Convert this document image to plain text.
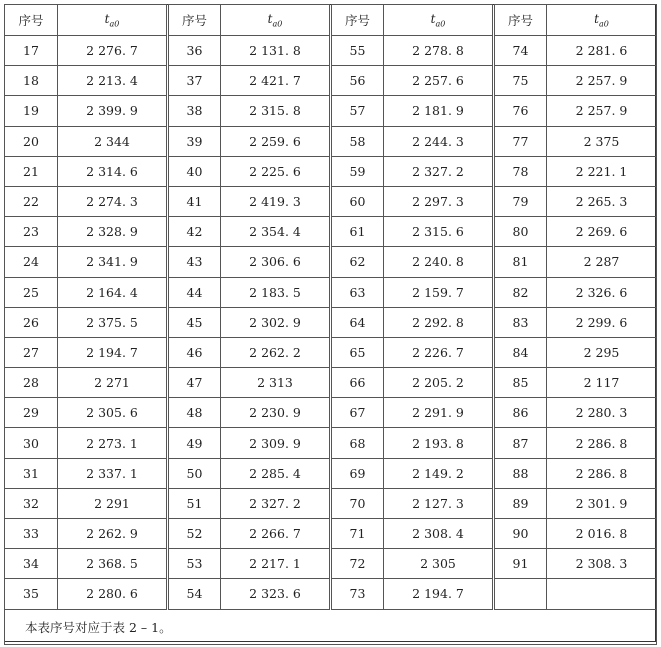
序号	$t_{a0}$	序号	$t_{a0}$	序号	$t_{a0}$	序号	$t_{a0}$
17	2 276. 7	36	2 131. 8	55	2 278. 8	74	2 281. 6
18	2 213. 4	37	2 421. 7	56	2 257. 6	75	2 257. 9
19	2 399. 9	38	2 315. 8	57	2 181. 9	76	2 257. 9
20	2 344	39	2 259. 6	58	2 244. 3	77	2 375
21	2 314. 6	40	2 225. 6	59	2 327. 2	78	2 221. 1
22	2 274. 3	41	2 419. 3	60	2 297. 3	79	2 265. 3
23	2 328. 9	42	2 354. 4	61	2 315. 6	80	2 269. 6
24	2 341. 9	43	2 306. 6	62	2 240. 8	81	2 287
25	2 164. 4	44	2 183. 5	63	2 159. 7	82	2 326. 6
26	2 375. 5	45	2 302. 9	64	2 292. 8	83	2 299. 6
27	2 194. 7	46	2 262. 2	65	2 226. 7	84	2 295
28	2 271	47	2 313	66	2 205. 2	85	2 117
29	2 305. 6	48	2 230. 9	67	2 291. 9	86	2 280. 3
30	2 273. 1	49	2 309. 9	68	2 193. 8	87	2 286. 8
31	2 337. 1	50	2 285. 4	69	2 149. 2	88	2 286. 8
32	2 291	51	2 327. 2	70	2 127. 3	89	2 301. 9
33	2 262. 9	52	2 266. 7	71	2 308. 4	90	2 016. 8
34	2 368. 5	53	2 217. 1	72	2 305	91	2 308. 3
35	2 280. 6	54	2 323. 6	73	2 194. 7		
本表序号对应于表 2 – 1。							
